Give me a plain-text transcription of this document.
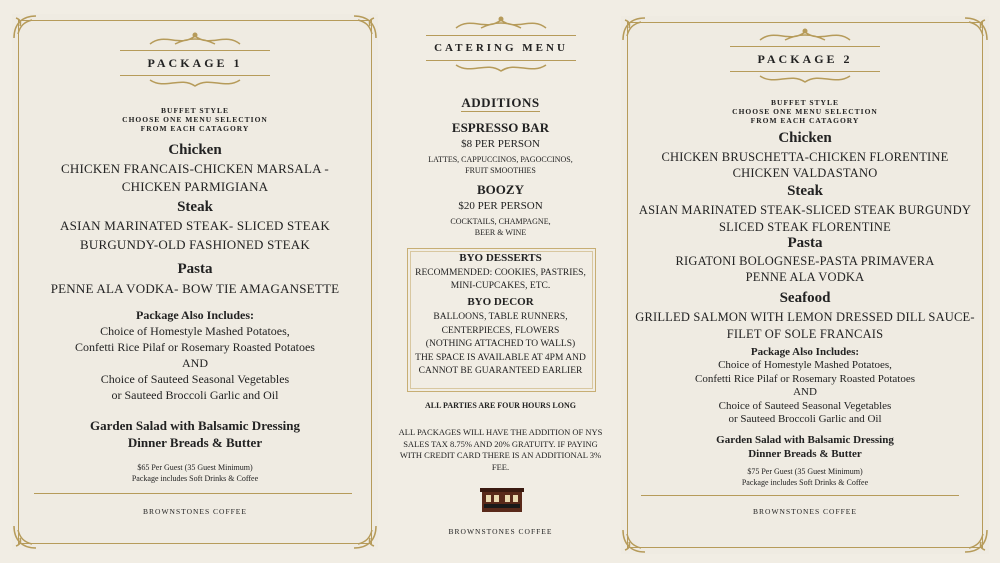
PACKAGE 1
BUFFET STYLE
CHOOSE ONE MENU SELECTION
FROM EACH CATAGORY
Chicken
CHICKEN FRANCAIS-CHICKEN MARSALA -
CHICKEN PARMIGIANA
Steak
ASIAN MARINATED STEAK- SLICED STEAK
BURGUNDY-OLD FASHIONED STEAK
Pasta
PENNE ALA VODKA- BOW TIE AMAGANSETTE
Package Also Includes:
Choice of Homestyle Mashed Potatoes,
Confetti Rice Pilaf or Rosemary Roasted Potatoes
AND
Choice of Sauteed Seasonal Vegetables
or Sauteed Broccoli Garlic and Oil
Garden Salad with Balsamic Dressing
Dinner Breads & Butter
$65 Per Guest (35 Guest Minimum)
Package includes Soft Drinks & Coffee
BROWNSTONES COFFEE
CATERING MENU
ADDITIONS
ESPRESSO BAR
$8 PER PERSON
LATTES, CAPPUCCINOS, PAGOCCINOS,
FRUIT SMOOTHIES
BOOZY
$20 PER PERSON
COCKTAILS, CHAMPAGNE,
BEER & WINE
BYO DESSERTS
RECOMMENDED: COOKIES, PASTRIES,
MINI-CUPCAKES, ETC.
BYO DECOR
BALLOONS, TABLE RUNNERS,
CENTERPIECES, FLOWERS
(NOTHING ATTACHED TO WALLS)
THE SPACE IS AVAILABLE AT 4PM AND
CANNOT BE GUARANTEED EARLIER
ALL PARTIES ARE FOUR HOURS LONG
ALL PACKAGES WILL HAVE THE ADDITION OF NYS
SALES TAX 8.75% AND 20% GRATUITY. IF PAYING
WITH CREDIT CARD THERE IS AN ADDITIONAL 3%
FEE.
BROWNSTONES COFFEE
PACKAGE 2
BUFFET STYLE
CHOOSE ONE MENU SELECTION
FROM EACH CATAGORY
Chicken
CHICKEN BRUSCHETTA-CHICKEN FLORENTINE
CHICKEN VALDASTANO
Steak
ASIAN MARINATED STEAK-SLICED STEAK BURGUNDY
SLICED STEAK FLORENTINE
Pasta
RIGATONI BOLOGNESE-PASTA PRIMAVERA
PENNE ALA VODKA
Seafood
GRILLED SALMON WITH LEMON DRESSED DILL SAUCE-
FILET OF SOLE FRANCAIS
Package Also Includes:
Choice of Homestyle Mashed Potatoes,
Confetti Rice Pilaf or Rosemary Roasted Potatoes
AND
Choice of Sauteed Seasonal Vegetables
or Sauteed Broccoli Garlic and Oil
Garden Salad with Balsamic Dressing
Dinner Breads & Butter
$75 Per Guest (35 Guest Minimum)
Package includes Soft Drinks & Coffee
BROWNSTONES COFFEE
